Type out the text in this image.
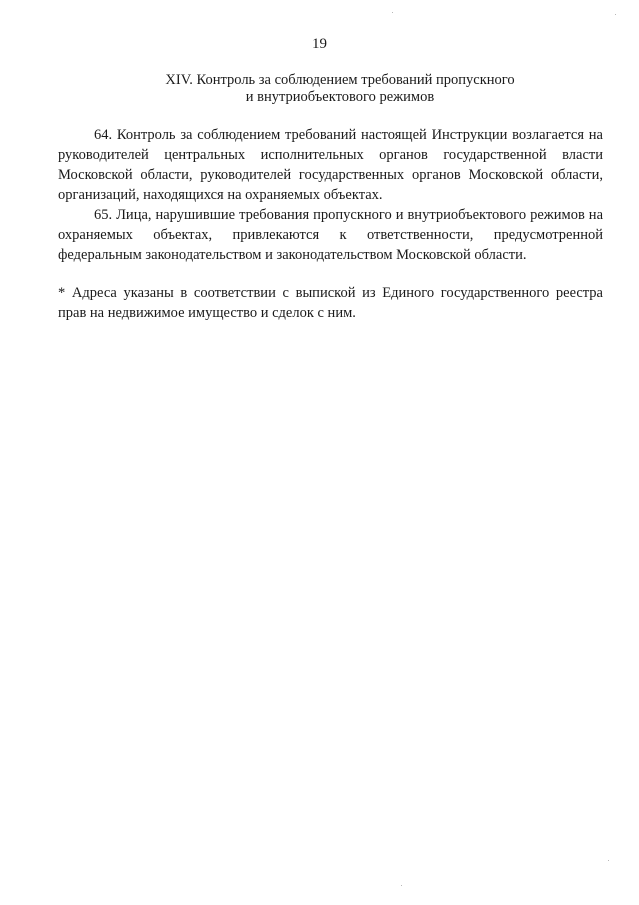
19
XIV. Контроль за соблюдением требований пропускного
и внутриобъектового режимов

64. Контроль за соблюдением требований настоящей Инструкции возлагается на руководителей центральных исполнительных органов государственной власти Московской области, руководителей государственных органов Московской области, организаций, находящихся на охраняемых объектах.

65. Лица, нарушившие требования пропускного и внутриобъектового режимов на охраняемых объектах, привлекаются к ответственности, предусмотренной федеральным законодательством и законодательством Московской области.

* Адреса указаны в соответствии с выпиской из Единого государственного реестра прав на недвижимое имущество и сделок с ним.
